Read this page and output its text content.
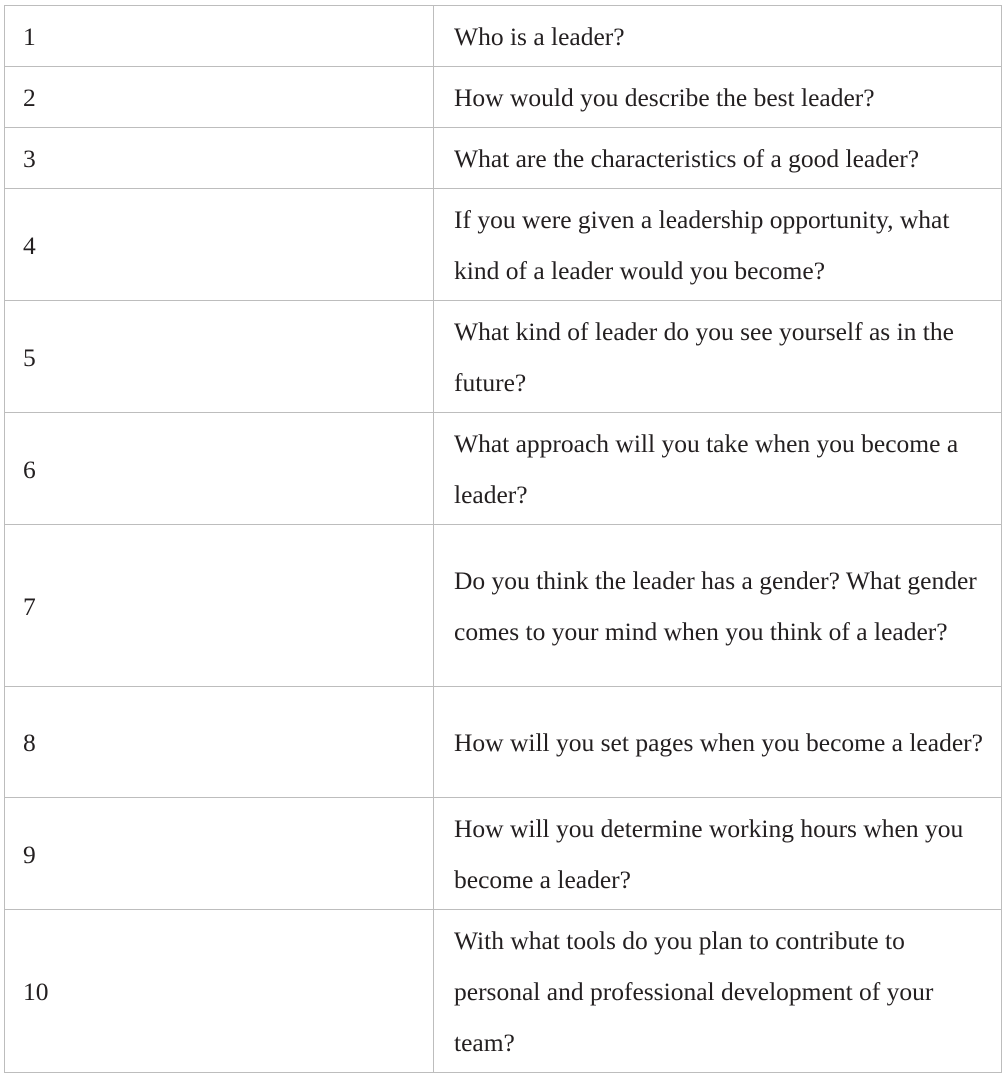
1	Who is a leader?
2	How would you describe the best leader?
3	What are the characteristics of a good leader?
4	If you were given a leadership opportunity, what kind of a leader would you become?
5	What kind of leader do you see yourself as in the future?
6	What approach will you take when you become a leader?
7	Do you think the leader has a gender? What gender comes to your mind when you think of a leader?
8	How will you set pages when you become a leader?
9	How will you determine working hours when you become a leader?
10	With what tools do you plan to contribute to personal and professional development of your team?
